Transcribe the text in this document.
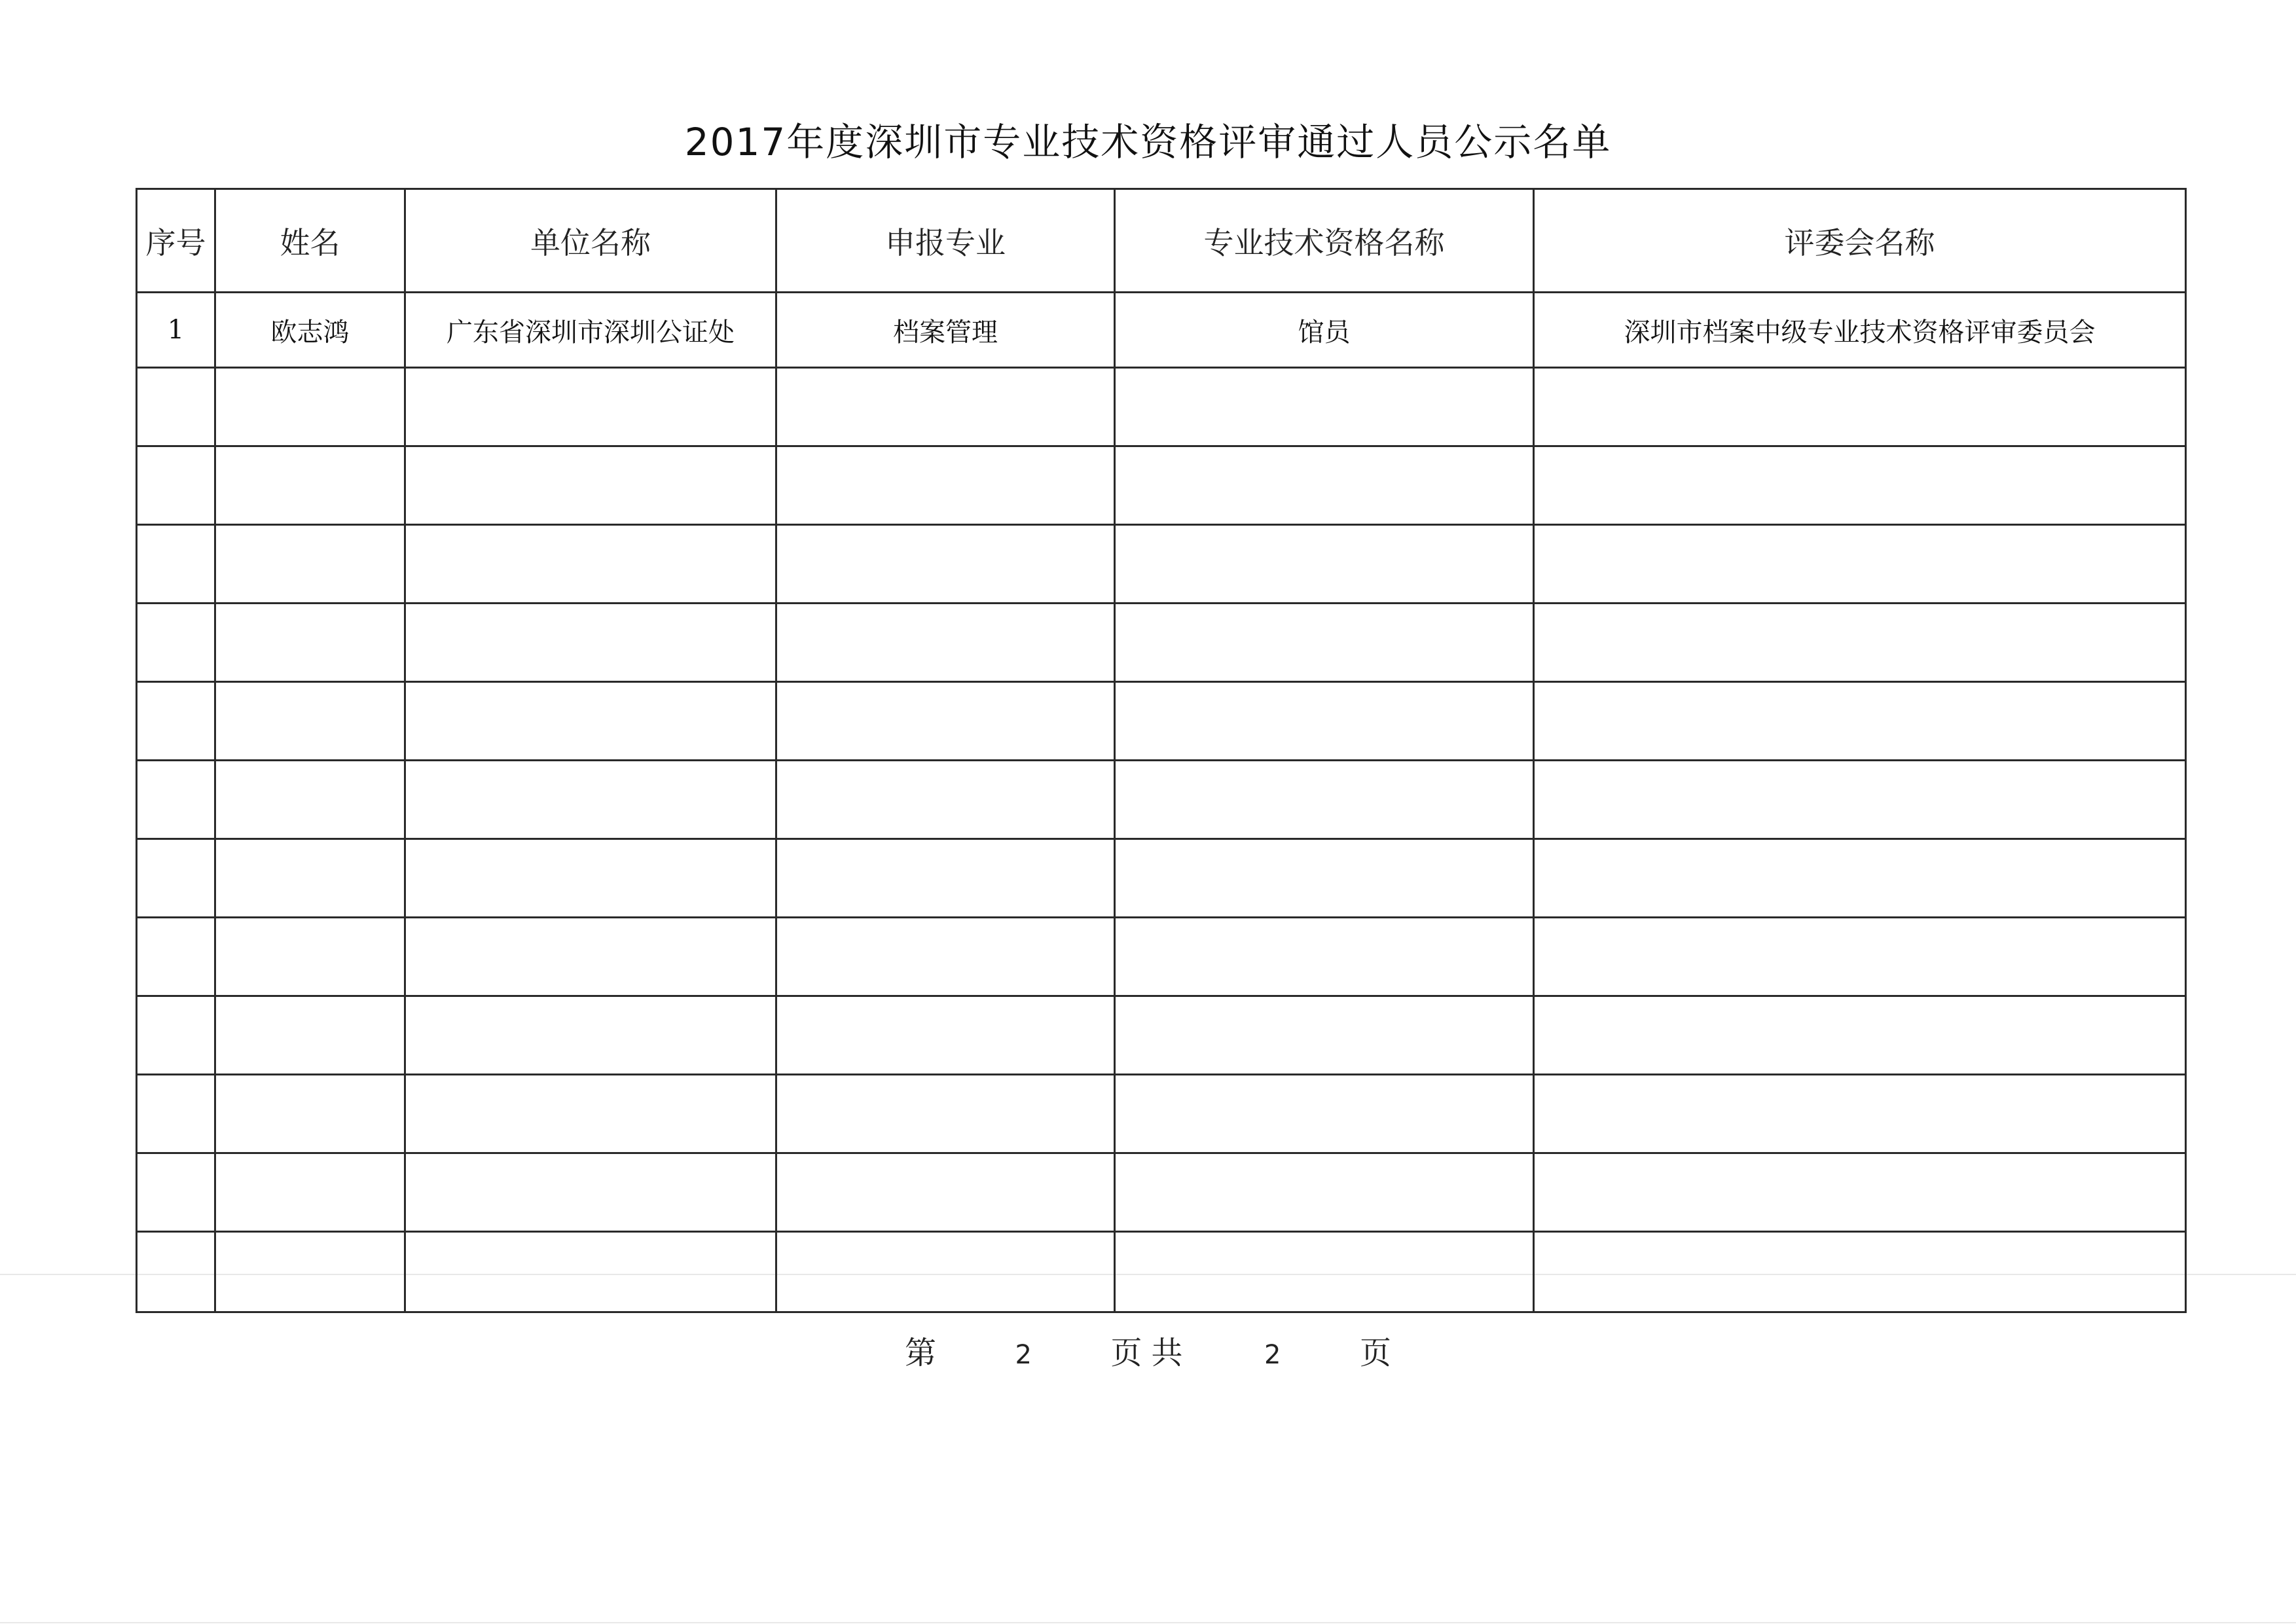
2017年度深圳市专业技术资格评审通过人员公示名单
序号	姓名	单位名称	申报专业	专业技术资格名称	评委会名称
1	欧志鸿	广东省深圳市深圳公证处	档案管理	馆员	深圳市档案中级专业技术资格评审委员会

第	2	页共	2	页
